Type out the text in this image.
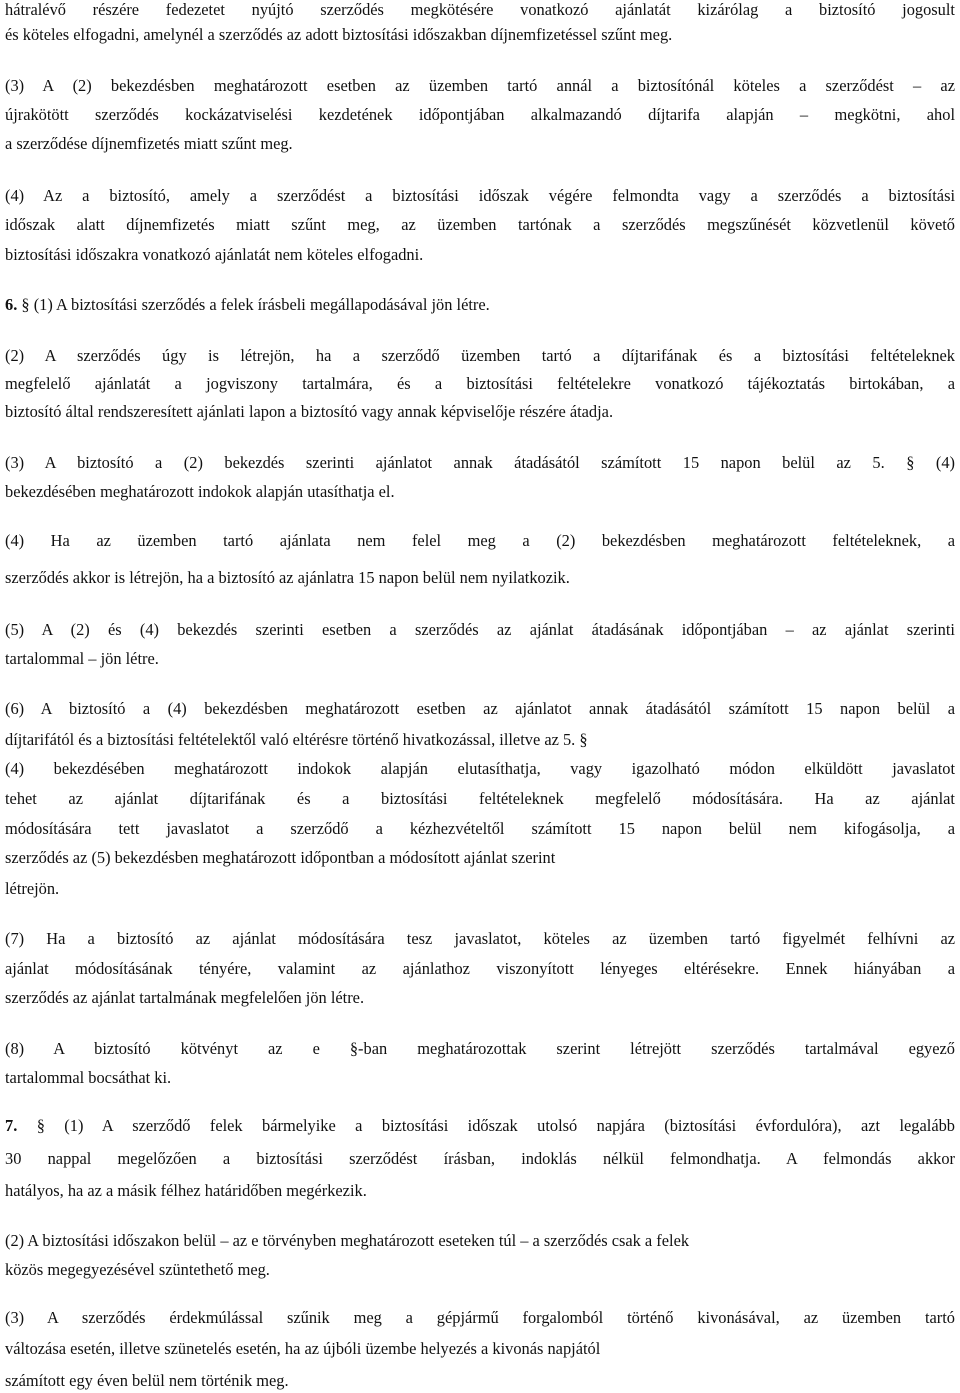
hátralévő részére fedezetet nyújtó szerződés megkötésére vonatkozó ajánlatát kizárólag a biztosító jogosult
és köteles elfogadni, amelynél a szerződés az adott biztosítási időszakban díjnemfizetéssel szűnt meg.
(3) A (2) bekezdésben meghatározott esetben az üzemben tartó annál a biztosítónál köteles a szerződést – az
újrakötött szerződés kockázatviselési kezdetének időpontjában alkalmazandó díjtarifa alapján – megkötni, ahol
a szerződése díjnemfizetés miatt szűnt meg.
(4) Az a biztosító, amely a szerződést a biztosítási időszak végére felmondta vagy a szerződés a biztosítási
időszak alatt díjnemfizetés miatt szűnt meg, az üzemben tartónak a szerződés megszűnését közvetlenül követő
biztosítási időszakra vonatkozó ajánlatát nem köteles elfogadni.
6. § (1) A biztosítási szerződés a felek írásbeli megállapodásával jön létre.
(2) A szerződés úgy is létrejön, ha a szerződő üzemben tartó a díjtarifának és a biztosítási feltételeknek
megfelelő ajánlatát a jogviszony tartalmára, és a biztosítási feltételekre vonatkozó tájékoztatás birtokában, a
biztosító által rendszeresített ajánlati lapon a biztosító vagy annak képviselője részére átadja.
(3) A biztosító a (2) bekezdés szerinti ajánlatot annak átadásától számított 15 napon belül az 5. § (4)
bekezdésében meghatározott indokok alapján utasíthatja el.
(4) Ha az üzemben tartó ajánlata nem felel meg a (2) bekezdésben meghatározott feltételeknek, a
szerződés akkor is létrejön, ha a biztosító az ajánlatra 15 napon belül nem nyilatkozik.
(5) A (2) és (4) bekezdés szerinti esetben a szerződés az ajánlat átadásának időpontjában – az ajánlat szerinti
tartalommal – jön létre.
(6) A biztosító a (4) bekezdésben meghatározott esetben az ajánlatot annak átadásától számított 15 napon belül a
díjtarifától és a biztosítási feltételektől való eltérésre történő hivatkozással, illetve az 5. §
(4) bekezdésében meghatározott indokok alapján elutasíthatja, vagy igazolható módon elküldött javaslatot
tehet az ajánlat díjtarifának és a biztosítási feltételeknek megfelelő módosítására. Ha az ajánlat
módosítására tett javaslatot a szerződő a kézhezvételtől számított 15 napon belül nem kifogásolja, a
szerződés az (5) bekezdésben meghatározott időpontban a módosított ajánlat szerint
létrejön.
(7) Ha a biztosító az ajánlat módosítására tesz javaslatot, köteles az üzemben tartó figyelmét felhívni az
ajánlat módosításának tényére, valamint az ajánlathoz viszonyított lényeges eltérésekre. Ennek hiányában a
szerződés az ajánlat tartalmának megfelelően jön létre.
(8) A biztosító kötvényt az e §-ban meghatározottak szerint létrejött szerződés tartalmával egyező
tartalommal bocsáthat ki.
7. § (1) A szerződő felek bármelyike a biztosítási időszak utolsó napjára (biztosítási évfordulóra), azt legalább
30 nappal megelőzően a biztosítási szerződést írásban, indoklás nélkül felmondhatja. A felmondás akkor
hatályos, ha az a másik félhez határidőben megérkezik.
(2) A biztosítási időszakon belül – az e törvényben meghatározott eseteken túl – a szerződés csak a felek
közös megegyezésével szüntethető meg.
(3) A szerződés érdekmúlással szűnik meg a gépjármű forgalomból történő kivonásával, az üzemben tartó
változása esetén, illetve szünetelés esetén, ha az újbóli üzembe helyezés a kivonás napjától
számított egy éven belül nem történik meg.
